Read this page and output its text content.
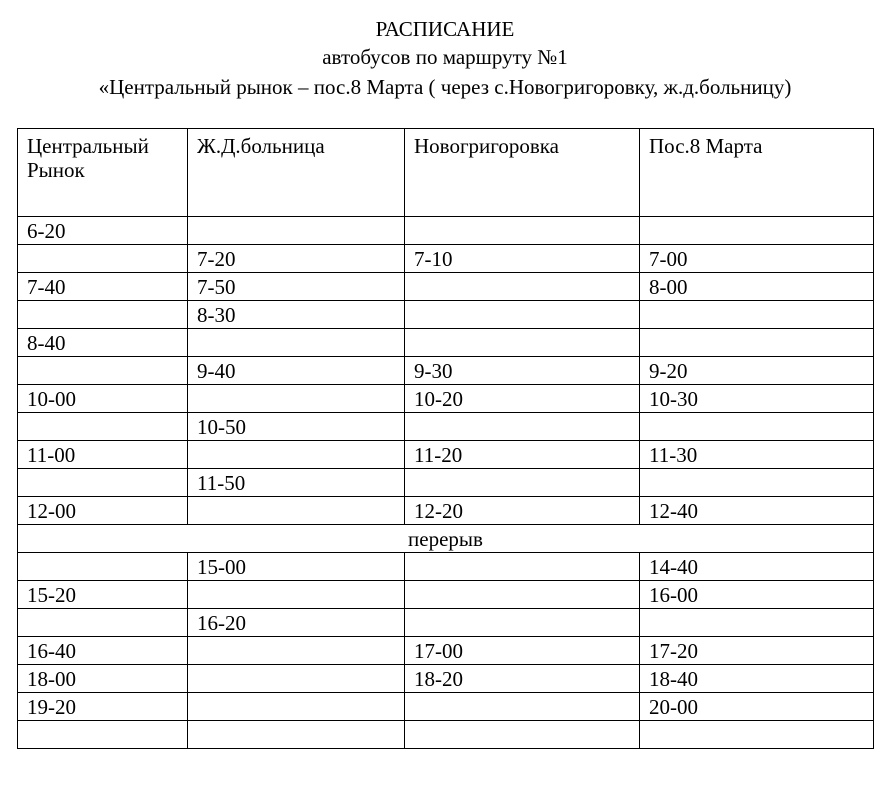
РАСПИСАНИЕ
автобусов по маршруту №1
«Центральный рынок – пос.8 Марта ( через с.Новогригоровку, ж.д.больницу)
Центральный Рынок	Ж.Д.больница	Новогригоровка	Пос.8 Марта
6-20			
	7-20	7-10	7-00
7-40	7-50		8-00
	8-30		
8-40			
	9-40	9-30	9-20
10-00		10-20	10-30
	10-50		
11-00		11-20	11-30
	11-50		
12-00		12-20	12-40
перерыв			
	15-00		14-40
15-20			16-00
	16-20		
16-40		17-00	17-20
18-00		18-20	18-40
19-20			20-00
